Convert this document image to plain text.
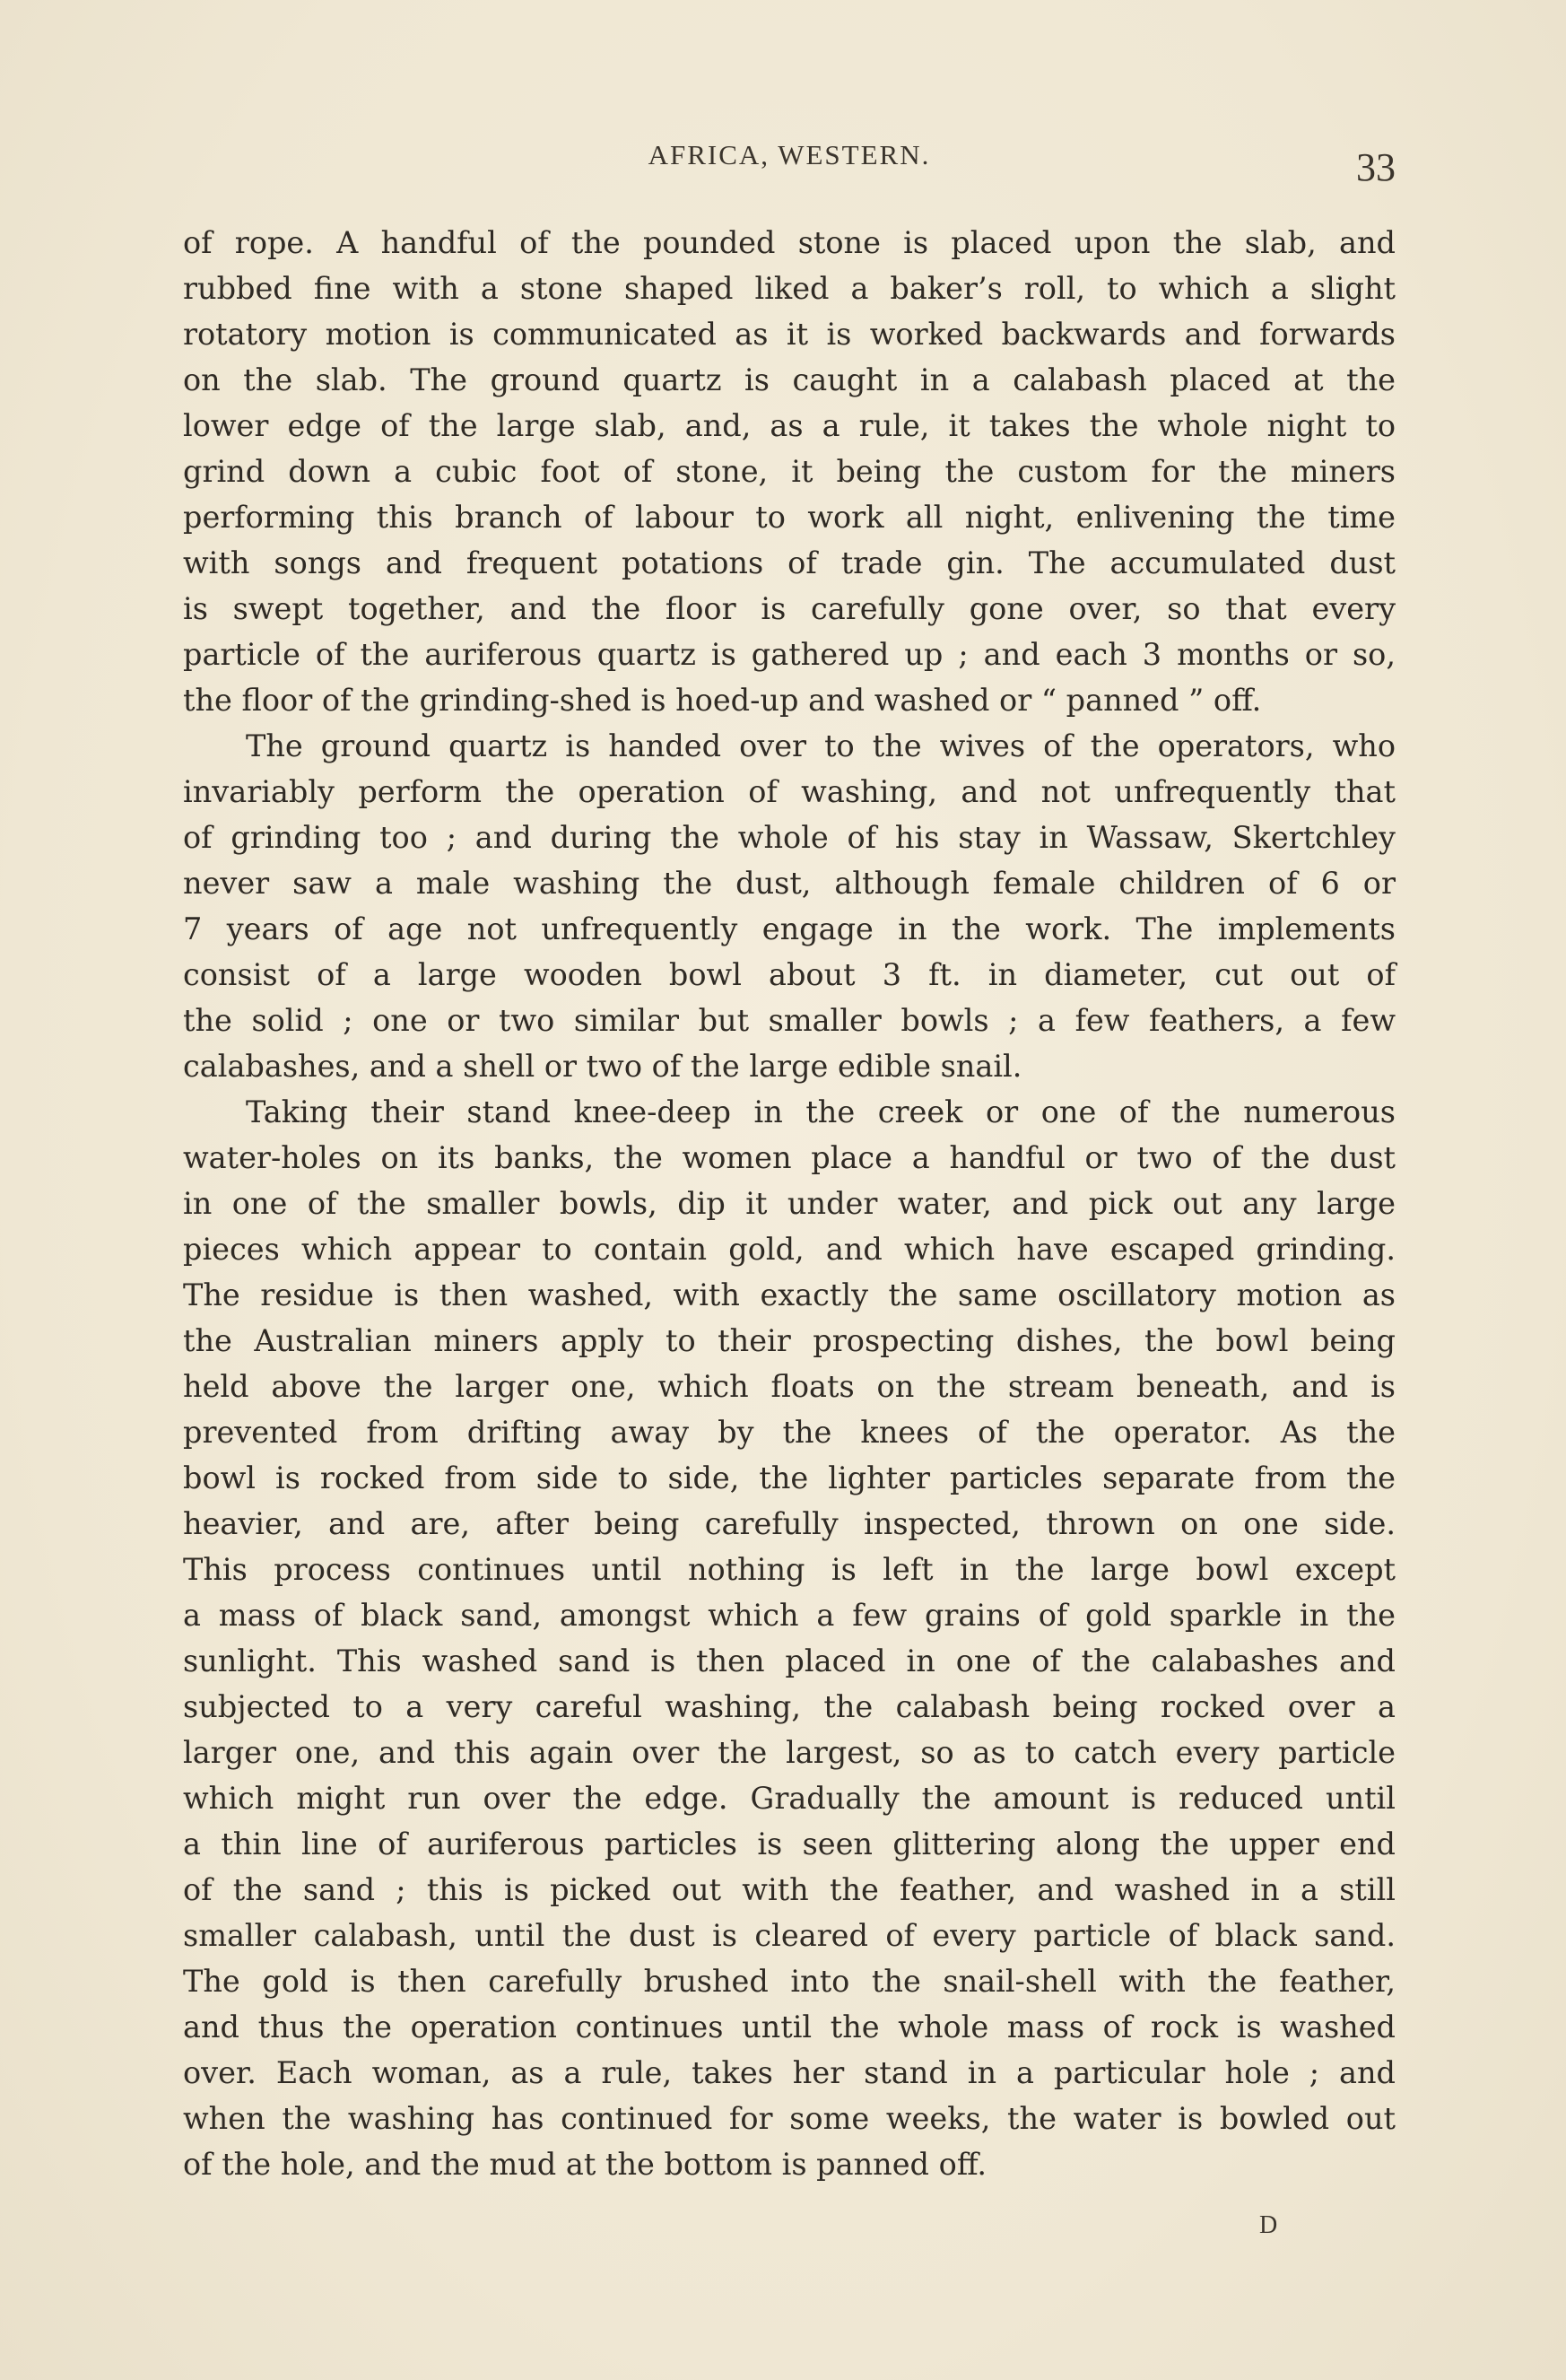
AFRICA, WESTERN.	33
of rope. A handful of the pounded stone is placed upon the slab, and
rubbed fine with a stone shaped liked a baker’s roll, to which a slight
rotatory motion is communicated as it is worked backwards and forwards
on the slab. The ground quartz is caught in a calabash placed at the
lower edge of the large slab, and, as a rule, it takes the whole night to
grind down a cubic foot of stone, it being the custom for the miners
performing this branch of labour to work all night, enlivening the time
with songs and frequent potations of trade gin. The accumulated dust
is swept together, and the floor is carefully gone over, so that every
particle of the auriferous quartz is gathered up ; and each 3 months or so,
the floor of the grinding-shed is hoed-up and washed or “ panned ” off.
The ground quartz is handed over to the wives of the operators, who
invariably perform the operation of washing, and not unfrequently that
of grinding too ; and during the whole of his stay in Wassaw, Skertchley
never saw a male washing the dust, although female children of 6 or
7 years of age not unfrequently engage in the work. The implements
consist of a large wooden bowl about 3 ft. in diameter, cut out of
the solid ; one or two similar but smaller bowls ; a few feathers, a few
calabashes, and a shell or two of the large edible snail.
Taking their stand knee-deep in the creek or one of the numerous
water-holes on its banks, the women place a handful or two of the dust
in one of the smaller bowls, dip it under water, and pick out any large
pieces which appear to contain gold, and which have escaped grinding.
The residue is then washed, with exactly the same oscillatory motion as
the Australian miners apply to their prospecting dishes, the bowl being
held above the larger one, which floats on the stream beneath, and is
prevented from drifting away by the knees of the operator. As the
bowl is rocked from side to side, the lighter particles separate from the
heavier, and are, after being carefully inspected, thrown on one side.
This process continues until nothing is left in the large bowl except
a mass of black sand, amongst which a few grains of gold sparkle in the
sunlight. This washed sand is then placed in one of the calabashes and
subjected to a very careful washing, the calabash being rocked over a
larger one, and this again over the largest, so as to catch every particle
which might run over the edge. Gradually the amount is reduced until
a thin line of auriferous particles is seen glittering along the upper end
of the sand ; this is picked out with the feather, and washed in a still
smaller calabash, until the dust is cleared of every particle of black sand.
The gold is then carefully brushed into the snail-shell with the feather,
and thus the operation continues until the whole mass of rock is washed
over. Each woman, as a rule, takes her stand in a particular hole ; and
when the washing has continued for some weeks, the water is bowled out
of the hole, and the mud at the bottom is panned off.
D
